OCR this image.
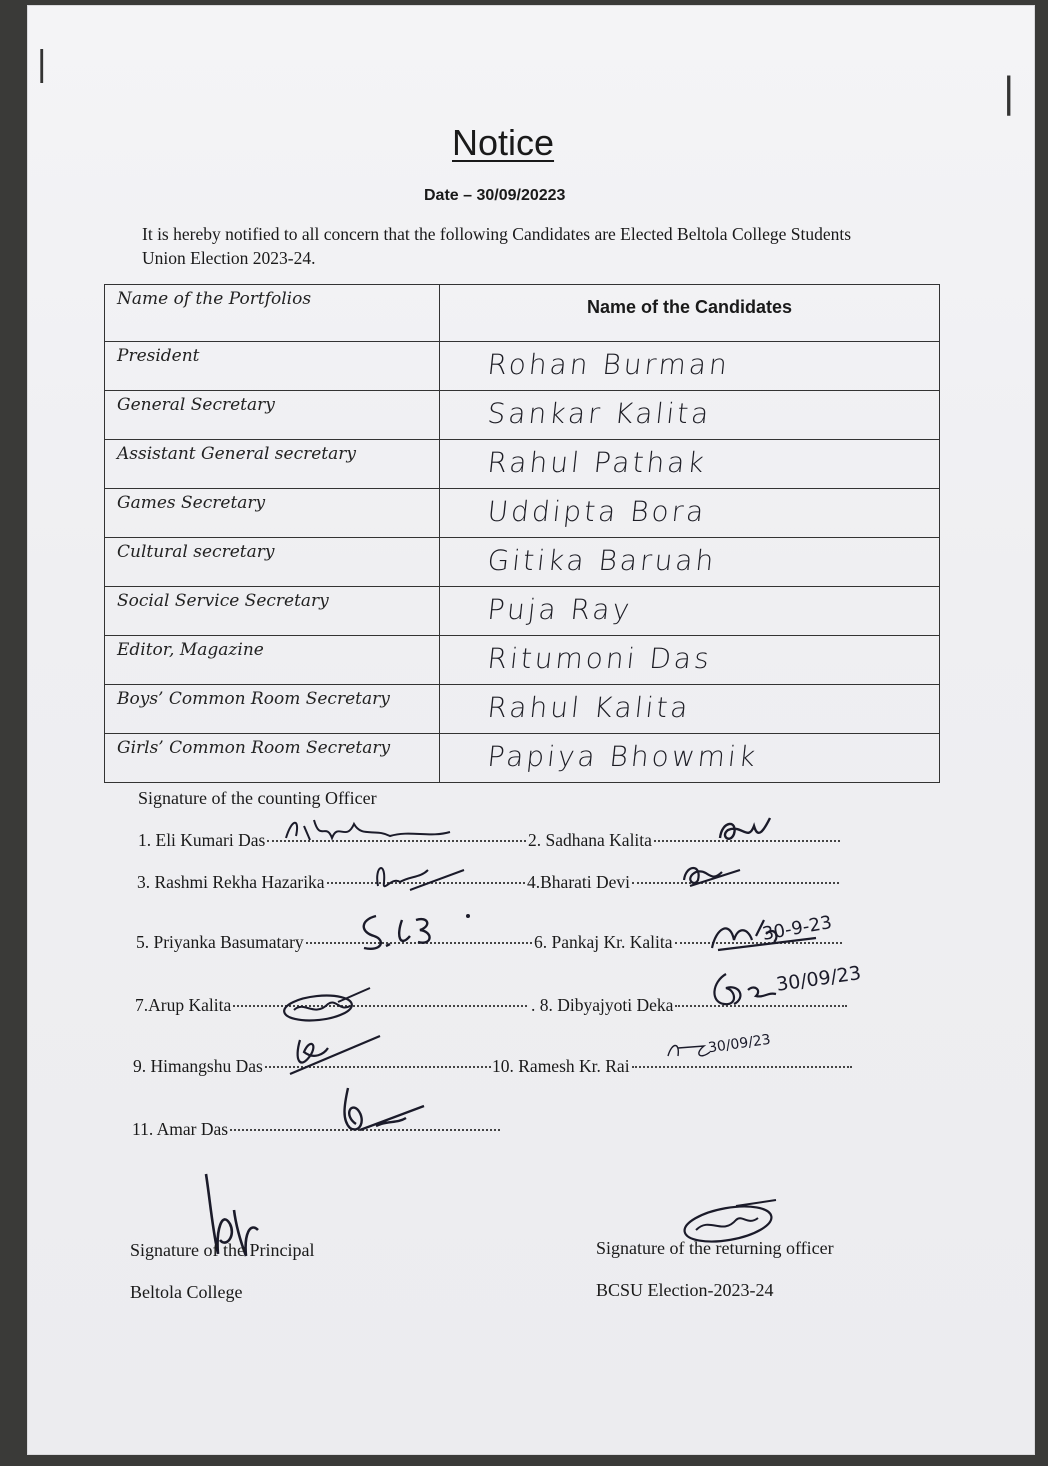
|
|
Notice
Date – 30/09/20223
It is hereby notified to all concern that the following Candidates are Elected Beltola College Students Union Election 2023-24.
Name of the Portfolios	Name of the Candidates

President	Rohan Burman

General Secretary	Sankar Kalita

Assistant General secretary	Rahul Pathak

Games Secretary	Uddipta Bora

Cultural secretary	Gitika Baruah

Social Service Secretary	Puja Ray

Editor, Magazine	Ritumoni Das

Boys’ Common Room Secretary	Rahul Kalita

Girls’ Common Room Secretary	Papiya Bhowmik
Signature of the counting Officer
1. Eli Kumari Das	2. Sadhana Kalita
3. Rashmi Rekha Hazarika	4.Bharati Devi
5. Priyanka Basumatary	6. Pankaj Kr. Kalita
7.Arup Kalita	. 8. Dibyajyoti Deka
9. Himangshu Das	10. Ramesh Kr. Rai
11. Amar Das
30-9-23
30/09/23
30/09/23
Signature of the Principal
Beltola College
Signature of the returning officer
BCSU Election-2023-24
